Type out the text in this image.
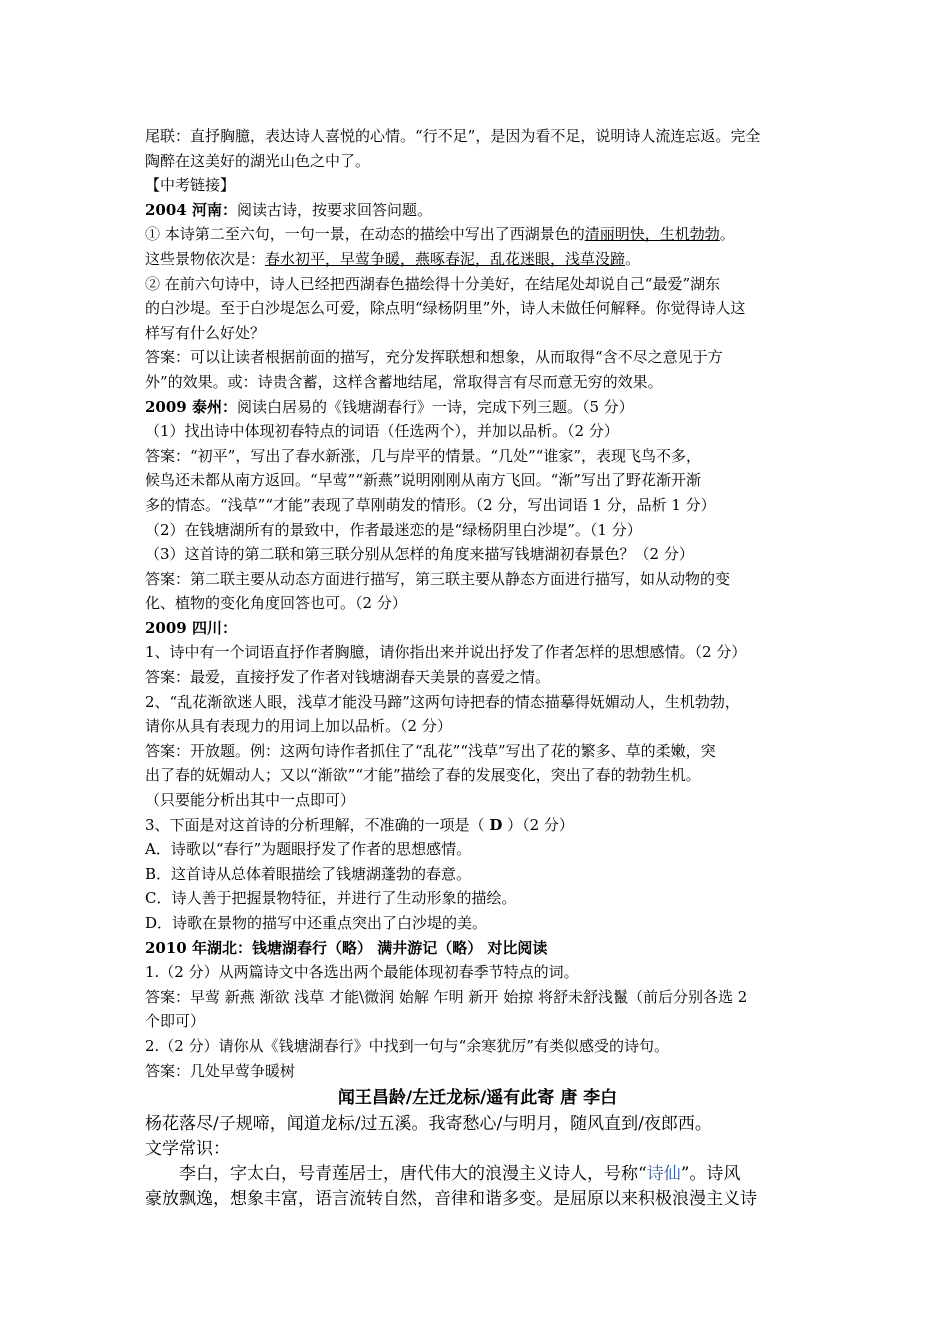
尾联：直抒胸臆，表达诗人喜悦的心情。“行不足”，是因为看不足，说明诗人流连忘返。完全
陶醉在这美好的湖光山色之中了。
【中考链接】
2004 河南：阅读古诗，按要求回答问题。
① 本诗第二至六句，一句一景，在动态的描绘中写出了西湖景色的清丽明快，生机勃勃。
这些景物依次是：春水初平，早莺争暖，燕啄春泥，乱花迷眼，浅草没蹄。
② 在前六句诗中，诗人已经把西湖春色描绘得十分美好，在结尾处却说自己“最爱”湖东
的白沙堤。至于白沙堤怎么可爱，除点明“绿杨阴里”外，诗人未做任何解释。你觉得诗人这
样写有什么好处？
答案：可以让读者根据前面的描写，充分发挥联想和想象，从而取得“含不尽之意见于方
外”的效果。或：诗贵含蓄，这样含蓄地结尾，常取得言有尽而意无穷的效果。
2009 泰州：阅读白居易的《钱塘湖春行》一诗，完成下列三题。（5 分）
（1）找出诗中体现初春特点的词语（任选两个），并加以品析。（2 分）
答案：“初平”，写出了春水新涨，几与岸平的情景。“几处”“谁家”，表现飞鸟不多，
候鸟还未都从南方返回。“早莺”“新燕”说明刚刚从南方飞回。“渐”写出了野花渐开渐
多的情态。“浅草”“才能”表现了草刚萌发的情形。（2 分，写出词语 1 分，品析 1 分）
（2）在钱塘湖所有的景致中，作者最迷恋的是“绿杨阴里白沙堤”。（1 分）
（3）这首诗的第二联和第三联分别从怎样的角度来描写钱塘湖初春景色？（2 分）
答案：第二联主要从动态方面进行描写，第三联主要从静态方面进行描写，如从动物的变
化、植物的变化角度回答也可。（2 分）
2009 四川：
1、诗中有一个词语直抒作者胸臆，请你指出来并说出抒发了作者怎样的思想感情。（2 分）
答案：最爱，直接抒发了作者对钱塘湖春天美景的喜爱之情。
2、“乱花渐欲迷人眼，浅草才能没马蹄”这两句诗把春的情态描摹得妩媚动人，生机勃勃，
请你从具有表现力的用词上加以品析。（2 分）
答案：开放题。例：这两句诗作者抓住了“乱花”“浅草”写出了花的繁多、草的柔嫩，突
出了春的妩媚动人；又以“渐欲”“才能”描绘了春的发展变化，突出了春的勃勃生机。
（只要能分析出其中一点即可）
3、下面是对这首诗的分析理解，不准确的一项是（ D ）（2 分）
A．诗歌以“春行”为题眼抒发了作者的思想感情。
B．这首诗从总体着眼描绘了钱塘湖蓬勃的春意。
C．诗人善于把握景物特征，并进行了生动形象的描绘。
D．诗歌在景物的描写中还重点突出了白沙堤的美。
2010 年湖北：钱塘湖春行（略） 满井游记（略） 对比阅读
1.（2 分）从两篇诗文中各选出两个最能体现初春季节特点的词。
答案：早莺 新燕 渐欲 浅草 才能\微润 始解 乍明 新开 始掠 将舒未舒浅鬣（前后分别各选 2
个即可）
2.（2 分）请你从《钱塘湖春行》中找到一句与“余寒犹厉”有类似感受的诗句。
答案：几处早莺争暖树
闻王昌龄/左迁龙标/遥有此寄 唐 李白
杨花落尽/子规啼，闻道龙标/过五溪。我寄愁心/与明月，随风直到/夜郎西。
文学常识：
李白，字太白，号青莲居士，唐代伟大的浪漫主义诗人，号称“诗仙”。诗风
豪放飘逸，想象丰富，语言流转自然，音律和谐多变。是屈原以来积极浪漫主义诗
